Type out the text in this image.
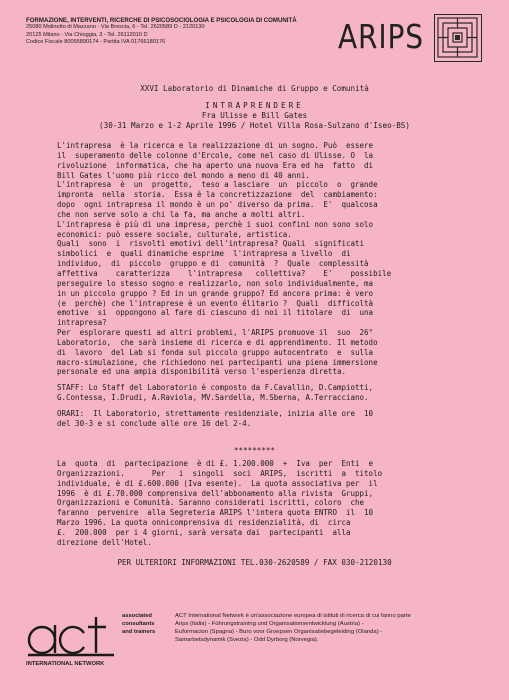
FORMAZIONE, INTERVENTI, RICERCHE DI PSICOSOCIOLOGIA E PSICOLOGIA DI COMUNITÀ
25080 Molinetto di Mazzano - Via Brescia, 6 - Tel. 2620589 D - 2120130
20125 Milano - Via Chioggia, 3 - Tel. 26112010 D
Codice Fiscale 80055890174 - Partita IVA 01766180176	ARIPS
XXVI Laboratorio di Dinamiche di Gruppo e Comunità
INTRAPRENDERE
Fra Ulisse e Bill Gates
(30-31 Marzo e 1-2 Aprile 1996 / Hotel Villa Rosa-Sulzano d'Iseo-BS)

L'intrapresa  è la ricerca e la realizzazione di un sogno. Può  essere

il  superamento delle colonne d'Ercole, come nel caso di Ulisse. O  la

rivoluzione  informatica, che ha aperto una nuova Era ed ha  fatto  di

Bill Gates l'uomo più ricco del mondo a meno di 40 anni.

L'intrapresa  è  un  progetto,  teso a lasciare  un  piccolo  o  grande

impronta  nella  storia.  Essa è la concretizzazione  del  cambiamento:

dopo  ogni intrapresa il mondo è un po' diverso da prima.  E'  qualcosa

che non serve solo a chi la fa, ma anche a molti altri.

L'intrapresa è più di una impresa, perchè i suoi confini non sono solo

economici: può essere sociale, culturale, artistica.

Quali  sono  i  risvolti emotivi dell'intrapresa? Quali  significati

simbolici  e  quali dinamiche esprime  l'intrapresa a livello  di

individuo,  di  piccolo  gruppo e di  comunità  ?  Quale  complessità

affettiva    caratterizza    l'intrapresa   collettiva?    E'    possibile

perseguire lo stesso sogno e realizzarlo, non solo individualmente, ma

in un piccolo gruppo ? Ed in un grande gruppo? Ed ancora prima: è vero

(e  perchè) che l'intraprese è un evento élitario ?  Quali  difficoltà

emotive  si  oppongono al fare di ciascuno di noi il titolare  di  una

intrapresa?

Per  esplorare questi ad altri problemi, l'ARIPS promuove il  suo  26°

Laboratorio,  che sarà insieme di ricerca e di apprendimento. Il metodo

di  lavoro  del Lab si fonda sul piccolo gruppo autocentrato  e  sulla

macro-simulazione, che richiedono nei partecipanti una piena immersione

personale ed una ampia disponibilità verso l'esperienza diretta.

STAFF: Lo Staff del Laboratorio è composto da F.Cavallin, D.Campiotti,

G.Contessa, I.Drudi, A.Raviola, MV.Sardella, M.Sberna, A.Terracciano.

ORARI:  Il Laboratorio, strettamente residenziale, inizia alle ore  10

del 30-3 e si conclude alle ore 16 del 2-4.

*********

La  quota  di  partecipazione  è di £. 1.200.000  +  Iva  per  Enti  e

Organizzazioni.      Per   i  singoli  soci  ARIPS,  iscritti  a  titolo

individuale, è di £.600.000 (Iva esente).  La quota associativa per  il

1996  è di £.70.000 comprensiva dell'abbonamento alla rivista  Gruppi,

Organizzazioni e Comunità. Saranno considerati iscritti, coloro  che

faranno  pervenire  alla Segreteria ARIPS l'intera quota ENTRO  il  10

Marzo 1996. La quota onnicomprensiva di residenzialità, di  circa

£.  200.000  per i 4 giorni, sarà versata dai  partecipanti  alla

direzione dell'Hotel.

PER ULTERIORI INFORMAZIONI TEL.030-2620589 / FAX 030-2120130
act
associated
consultants
and trainers
INTERNATIONAL NETWORK
ACT International Network è un'associazione europea di istituti di ricerca di cui fanno parte
Arips (Italia) - Führungstraining und Organisationsentwicklung (Austria) -
Euformacion (Spagna) - Buro voor Groepsen Organisatiebegeleiding (Olanda) -
Samarbetsdynamik (Svezia) - Odd Dyrborg (Norvegia).
